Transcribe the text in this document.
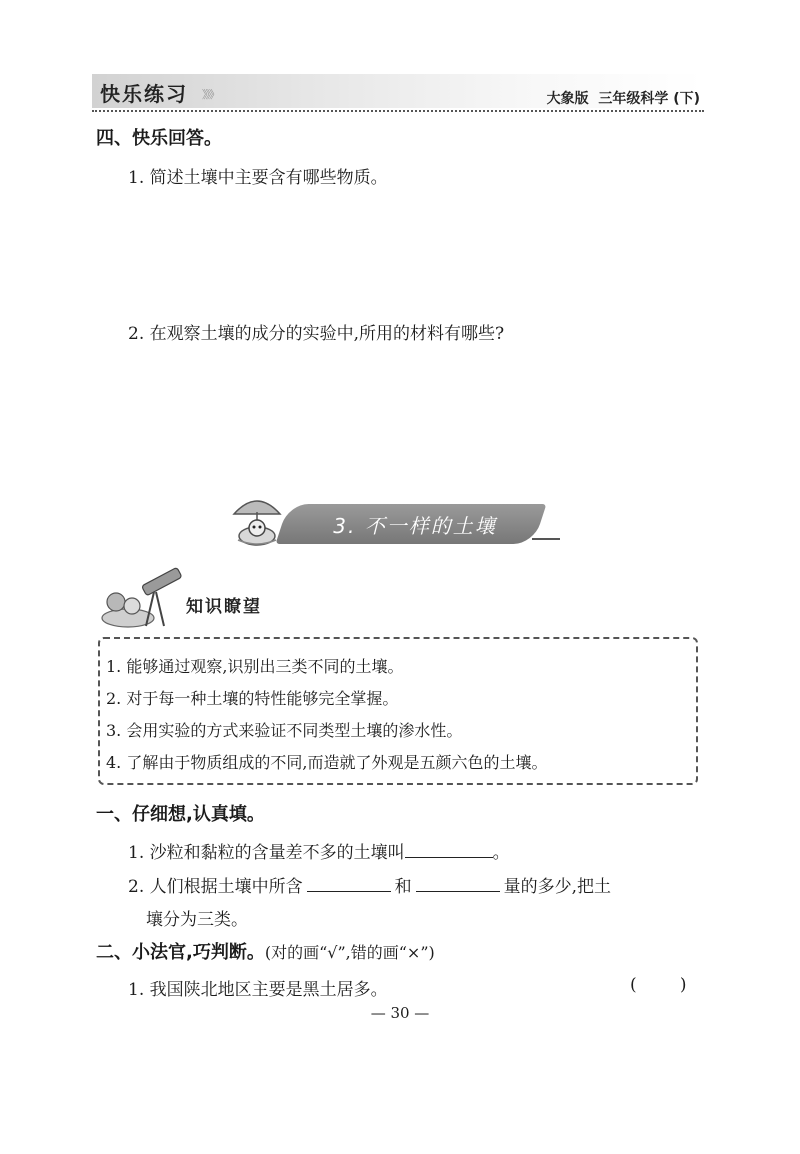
快乐练习 》》》	大象版  三年级科学 (下)
四、快乐回答。
1. 简述土壤中主要含有哪些物质。
2. 在观察土壤的成分的实验中,所用的材料有哪些?
3. 不一样的土壤
知识瞭望
1. 能够通过观察,识别出三类不同的土壤。
2. 对于每一种土壤的特性能够完全掌握。
3. 会用实验的方式来验证不同类型土壤的渗水性。
4. 了解由于物质组成的不同,而造就了外观是五颜六色的土壤。
一、仔细想,认真填。
1. 沙粒和黏粒的含量差不多的土壤叫	。
2. 人们根据土壤中所含	和	量的多少,把土
壤分为三类。
二、小法官,巧判断。(对的画“√”,错的画“×”)
1. 我国陕北地区主要是黑土居多。	(        )
— 30 —
